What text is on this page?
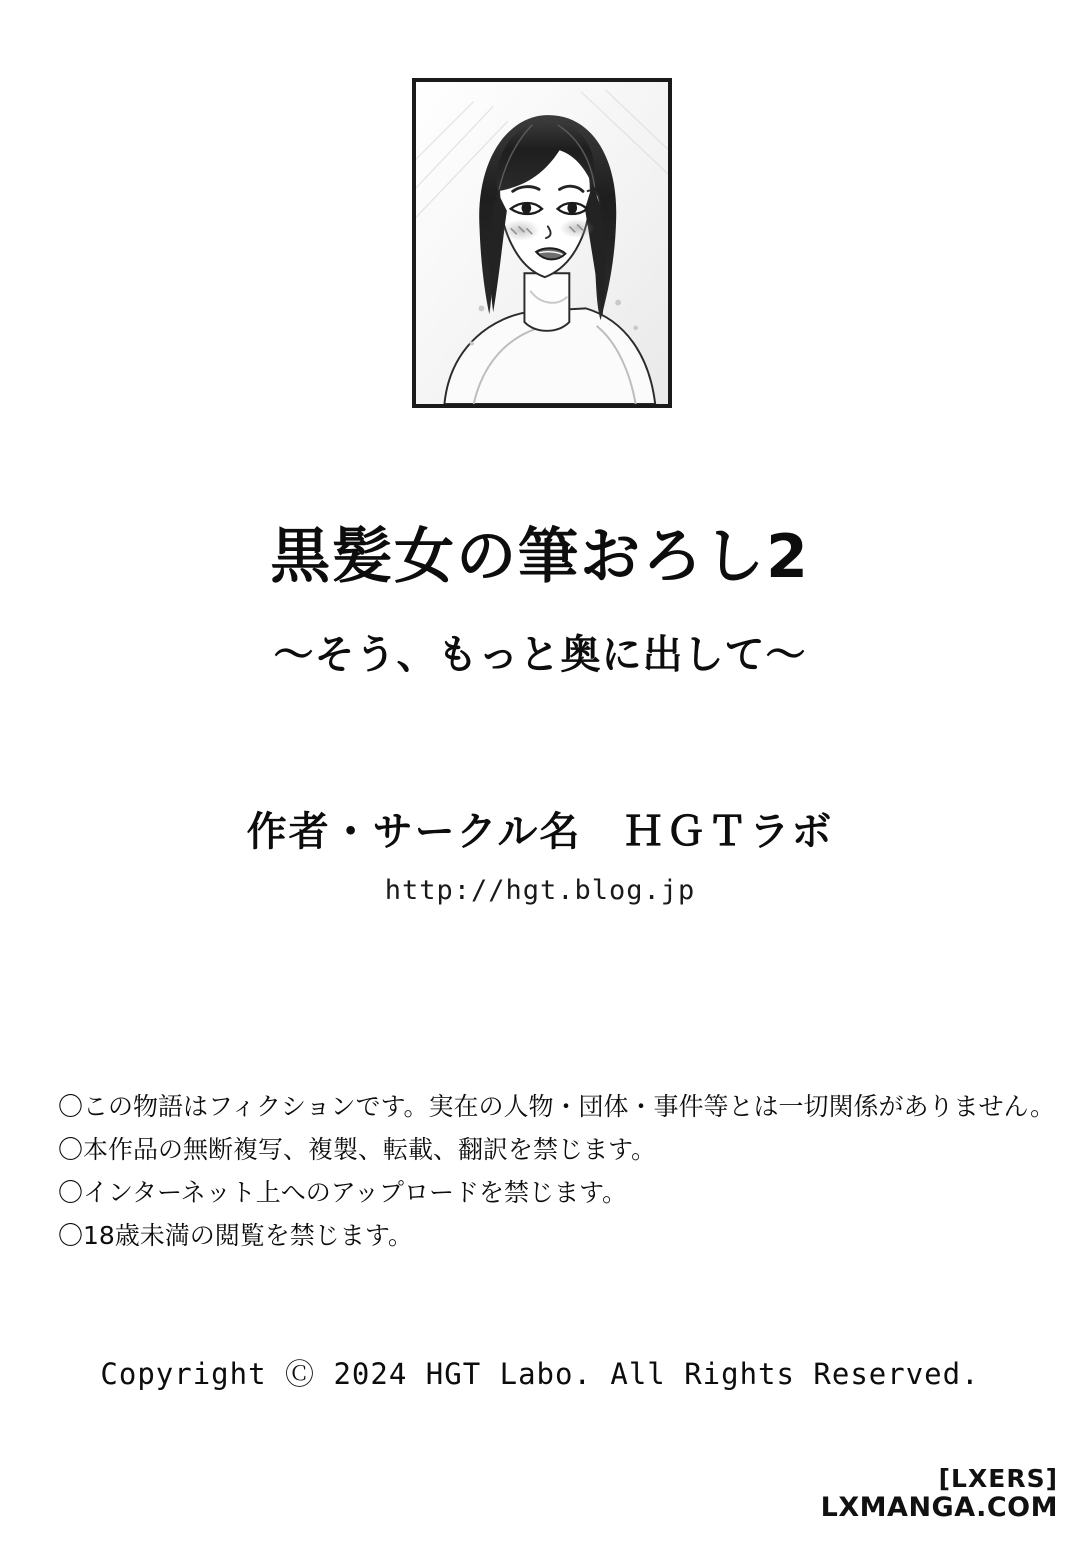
黒髪女の筆おろし2
〜そう、もっと奥に出して〜
作者・サークル名　ＨＧＴラボ
http://hgt.blog.jp
〇この物語はフィクションです。実在の人物・団体・事件等とは一切関係がありません。
〇本作品の無断複写、複製、転載、翻訳を禁じます。
〇インターネット上へのアップロードを禁じます。
〇18歳未満の閲覧を禁じます。
Copyright Ⓒ 2024 HGT Labo. All Rights Reserved.
[LXERS]
LXMANGA.COM
